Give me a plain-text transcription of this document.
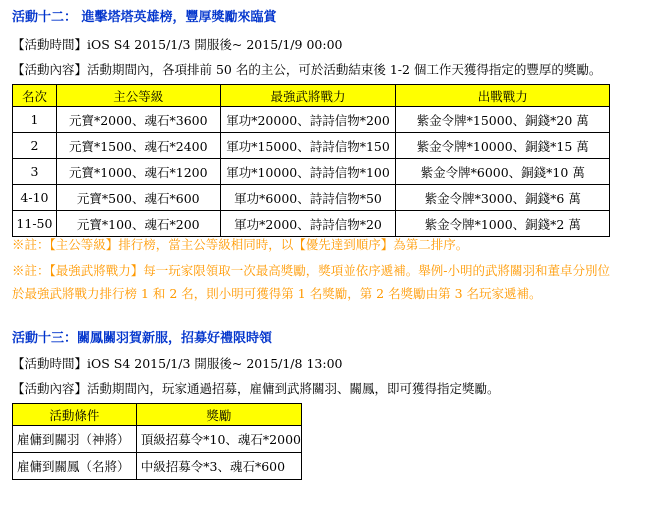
活動十二： 進擊塔塔英雄榜，豐厚獎勵來臨賞
【活動時間】iOS S4 2015/1/3 開服後~ 2015/1/9 00:00
【活動內容】活動期間內，各項排前 50 名的主公，可於活動結束後 1-2 個工作天獲得指定的豐厚的獎勵。
名次	主公等級	最強武將戰力	出戰戰力
1	元寶*2000、魂石*3600	軍功*20000、詩詩信物*200	紫金令牌*15000、銅錢*20 萬
2	元寶*1500、魂石*2400	軍功*15000、詩詩信物*150	紫金令牌*10000、銅錢*15 萬
3	元寶*1000、魂石*1200	軍功*10000、詩詩信物*100	紫金令牌*6000、銅錢*10 萬
4-10	元寶*500、魂石*600	軍功*6000、詩詩信物*50	紫金令牌*3000、銅錢*6 萬
11-50	元寶*100、魂石*200	軍功*2000、詩詩信物*20	紫金令牌*1000、銅錢*2 萬
※註：【主公等級】排行榜，當主公等級相同時，以【優先達到順序】為第二排序。
※註：【最強武將戰力】每一玩家限領取一次最高獎勵，獎項並依序遞補。舉例-小明的武將關羽和董卓分別位
於最強武將戰力排行榜 1 和 2 名，則小明可獲得第 1 名獎勵，第 2 名獎勵由第 3 名玩家遞補。
活動十三：關鳳關羽賀新服，招募好禮限時領
【活動時間】iOS S4 2015/1/3 開服後~ 2015/1/8 13:00
【活動內容】活動期間內，玩家通過招募，雇傭到武將關羽、關鳳，即可獲得指定獎勵。
活動條件	獎勵
雇傭到關羽（神將）	頂級招募令*10、魂石*2000
雇傭到關鳳（名將）	中級招募令*3、魂石*600
